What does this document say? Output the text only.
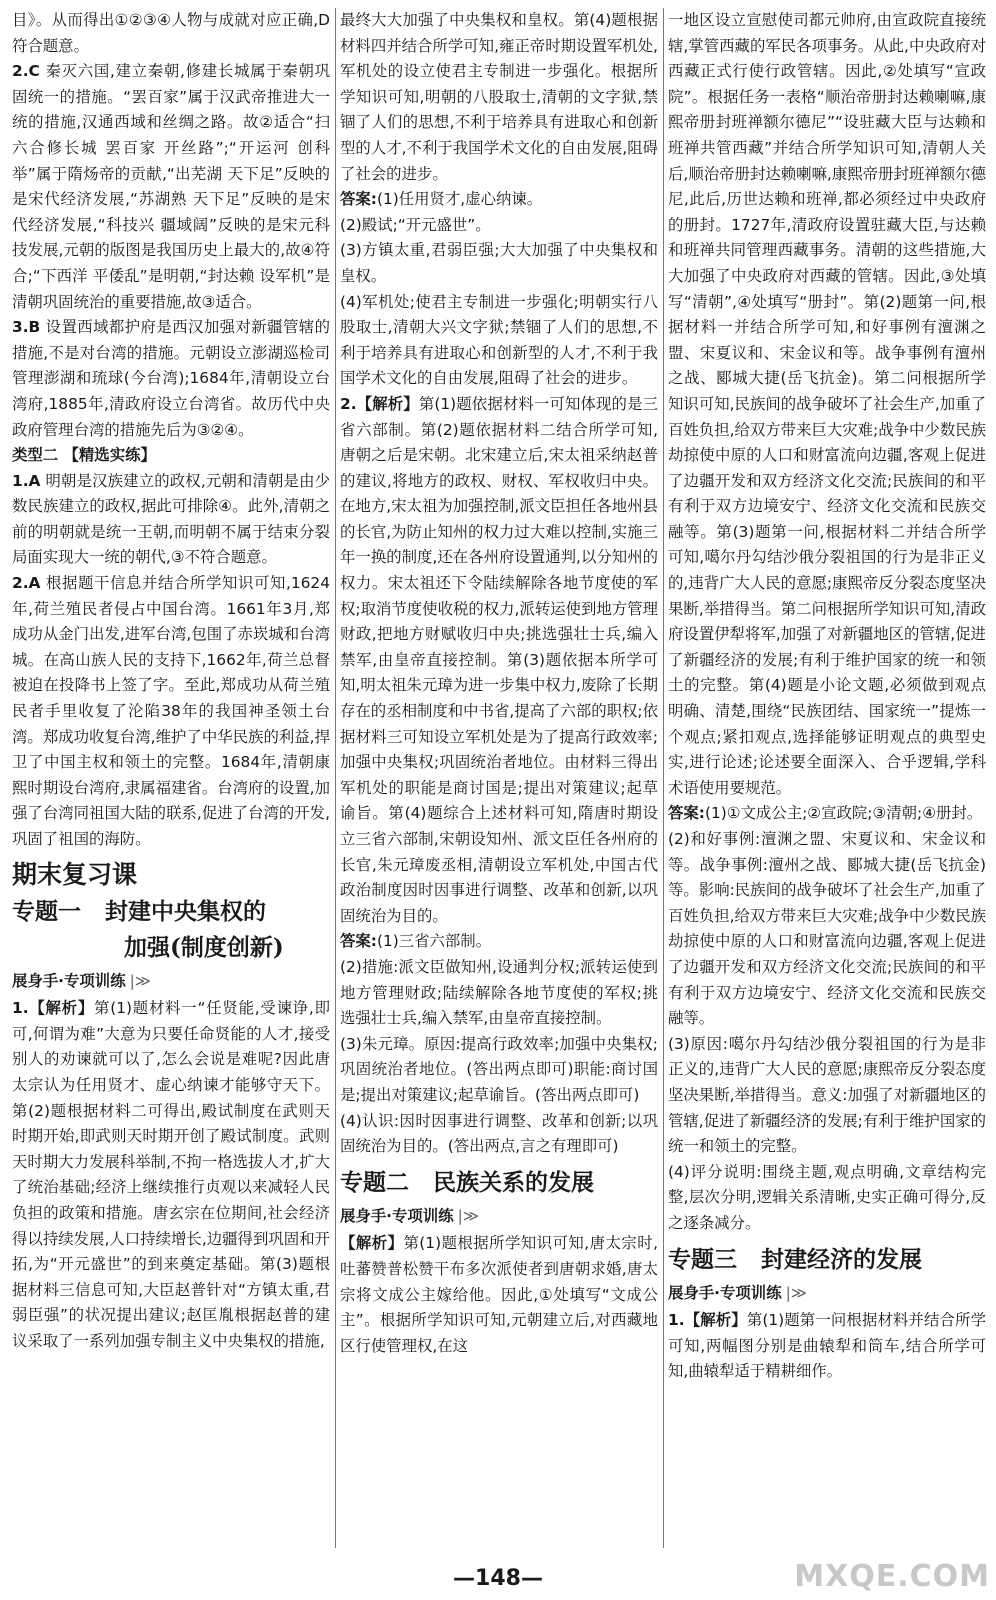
目》。从而得出①②③④人物与成就对应正确,D符合题意。

2.C 秦灭六国,建立秦朝,修建长城属于秦朝巩固统一的措施。“罢百家”属于汉武帝推进大一统的措施,汉通西域和丝绸之路。故②适合“扫六合修长城 罢百家 开丝路”;“开运河 创科举”属于隋炀帝的贡献,“出芜湖 天下足”反映的是宋代经济发展,“苏湖熟 天下足”反映的是宋代经济发展,“科技兴 疆域阔”反映的是宋元科技发展,元朝的版图是我国历史上最大的,故④符合;“下西洋 平倭乱”是明朝,“封达赖 设军机”是清朝巩固统治的重要措施,故③适合。

3.B 设置西域都护府是西汉加强对新疆管辖的措施,不是对台湾的措施。元朝设立澎湖巡检司管理澎湖和琉球(今台湾);1684年,清朝设立台湾府,1885年,清政府设立台湾省。故历代中央政府管理台湾的措施先后为③②④。

类型二 【精选实练】

1.A 明朝是汉族建立的政权,元朝和清朝是由少数民族建立的政权,据此可排除④。此外,清朝之前的明朝就是统一王朝,而明朝不属于结束分裂局面实现大一统的朝代,③不符合题意。

2.A 根据题干信息并结合所学知识可知,1624年,荷兰殖民者侵占中国台湾。1661年3月,郑成功从金门出发,进军台湾,包围了赤崁城和台湾城。在高山族人民的支持下,1662年,荷兰总督被迫在投降书上签了字。至此,郑成功从荷兰殖民者手里收复了沦陷38年的我国神圣领土台湾。郑成功收复台湾,维护了中华民族的利益,捍卫了中国主权和领土的完整。1684年,清朝康熙时期设台湾府,隶属福建省。台湾府的设置,加强了台湾同祖国大陆的联系,促进了台湾的开发,巩固了祖国的海防。

期末复习课
专题一 封建中央集权的
加强(制度创新)
展身手·专项训练 |≫

1.【解析】第(1)题材料一“任贤能,受谏诤,即可,何谓为难”大意为只要任命贤能的人才,接受别人的劝谏就可以了,怎么会说是难呢?因此唐太宗认为任用贤才、虚心纳谏才能够守天下。第(2)题根据材料二可得出,殿试制度在武则天时期开始,即武则天时期开创了殿试制度。武则天时期大力发展科举制,不拘一格选拔人才,扩大了统治基础;经济上继续推行贞观以来减轻人民负担的政策和措施。唐玄宗在位期间,社会经济得以持续发展,人口持续增长,边疆得到巩固和开拓,为“开元盛世”的到来奠定基础。第(3)题根据材料三信息可知,大臣赵普针对“方镇太重,君弱臣强”的状况提出建议;赵匡胤根据赵普的建议采取了一系列加强专制主义中央集权的措施,

最终大大加强了中央集权和皇权。第(4)题根据材料四并结合所学可知,雍正帝时期设置军机处,军机处的设立使君主专制进一步强化。根据所学知识可知,明朝的八股取士,清朝的文字狱,禁锢了人们的思想,不利于培养具有进取心和创新型的人才,不利于我国学术文化的自由发展,阻碍了社会的进步。

答案:(1)任用贤才,虚心纳谏。

(2)殿试;“开元盛世”。

(3)方镇太重,君弱臣强;大大加强了中央集权和皇权。

(4)军机处;使君主专制进一步强化;明朝实行八股取士,清朝大兴文字狱;禁锢了人们的思想,不利于培养具有进取心和创新型的人才,不利于我国学术文化的自由发展,阻碍了社会的进步。

2.【解析】第(1)题依据材料一可知体现的是三省六部制。第(2)题依据材料二结合所学可知,唐朝之后是宋朝。北宋建立后,宋太祖采纳赵普的建议,将地方的政权、财权、军权收归中央。在地方,宋太祖为加强控制,派文臣担任各地州县的长官,为防止知州的权力过大难以控制,实施三年一换的制度,还在各州府设置通判,以分知州的权力。宋太祖还下令陆续解除各地节度使的军权;取消节度使收税的权力,派转运使到地方管理财政,把地方财赋收归中央;挑选强壮士兵,编入禁军,由皇帝直接控制。第(3)题依据本所学可知,明太祖朱元璋为进一步集中权力,废除了长期存在的丞相制度和中书省,提高了六部的职权;依据材料三可知设立军机处是为了提高行政效率;加强中央集权;巩固统治者地位。由材料三得出军机处的职能是商讨国是;提出对策建议;起草谕旨。第(4)题综合上述材料可知,隋唐时期设立三省六部制,宋朝设知州、派文臣任各州府的长官,朱元璋废丞相,清朝设立军机处,中国古代政治制度因时因事进行调整、改革和创新,以巩固统治为目的。

答案:(1)三省六部制。

(2)措施:派文臣做知州,设通判分权;派转运使到地方管理财政;陆续解除各地节度使的军权;挑选强壮士兵,编入禁军,由皇帝直接控制。

(3)朱元璋。原因:提高行政效率;加强中央集权;巩固统治者地位。(答出两点即可)职能:商讨国是;提出对策建议;起草谕旨。(答出两点即可)

(4)认识:因时因事进行调整、改革和创新;以巩固统治为目的。(答出两点,言之有理即可)

专题二 民族关系的发展
展身手·专项训练 |≫

【解析】第(1)题根据所学知识可知,唐太宗时,吐蕃赞普松赞干布多次派使者到唐朝求婚,唐太宗将文成公主嫁给他。因此,①处填写“文成公主”。根据所学知识可知,元朝建立后,对西藏地区行使管理权,在这

一地区设立宣慰使司都元帅府,由宣政院直接统辖,掌管西藏的军民各项事务。从此,中央政府对西藏正式行使行政管辖。因此,②处填写“宣政院”。根据任务一表格“顺治帝册封达赖喇嘛,康熙帝册封班禅额尔德尼”“设驻藏大臣与达赖和班禅共管西藏”并结合所学知识可知,清朝人关后,顺治帝册封达赖喇嘛,康熙帝册封班禅额尔德尼,此后,历世达赖和班禅,都必须经过中央政府的册封。1727年,清政府设置驻藏大臣,与达赖和班禅共同管理西藏事务。清朝的这些措施,大大加强了中央政府对西藏的管辖。因此,③处填写“清朝”,④处填写“册封”。第(2)题第一问,根据材料一并结合所学可知,和好事例有澶渊之盟、宋夏议和、宋金议和等。战争事例有澶州之战、郾城大捷(岳飞抗金)。第二问根据所学知识可知,民族间的战争破坏了社会生产,加重了百姓负担,给双方带来巨大灾难;战争中少数民族劫掠使中原的人口和财富流向边疆,客观上促进了边疆开发和双方经济文化交流;民族间的和平有利于双方边境安宁、经济文化交流和民族交融等。第(3)题第一问,根据材料二并结合所学可知,噶尔丹勾结沙俄分裂祖国的行为是非正义的,违背广大人民的意愿;康熙帝反分裂态度坚决果断,举措得当。第二问根据所学知识可知,清政府设置伊犁将军,加强了对新疆地区的管辖,促进了新疆经济的发展;有利于维护国家的统一和领土的完整。第(4)题是小论文题,必须做到观点明确、清楚,围绕“民族团结、国家统一”提炼一个观点;紧扣观点,选择能够证明观点的典型史实,进行论述;论述要全面深入、合乎逻辑,学科术语使用要规范。

答案:(1)①文成公主;②宣政院;③清朝;④册封。

(2)和好事例:澶渊之盟、宋夏议和、宋金议和等。战争事例:澶州之战、郾城大捷(岳飞抗金)等。影响:民族间的战争破坏了社会生产,加重了百姓负担,给双方带来巨大灾难;战争中少数民族劫掠使中原的人口和财富流向边疆,客观上促进了边疆开发和双方经济文化交流;民族间的和平有利于双方边境安宁、经济文化交流和民族交融等。

(3)原因:噶尔丹勾结沙俄分裂祖国的行为是非正义的,违背广大人民的意愿;康熙帝反分裂态度坚决果断,举措得当。意义:加强了对新疆地区的管辖,促进了新疆经济的发展;有利于维护国家的统一和领土的完整。

(4)评分说明:围绕主题,观点明确,文章结构完整,层次分明,逻辑关系清晰,史实正确可得分,反之逐条减分。

专题三 封建经济的发展
展身手·专项训练 |≫

1.【解析】第(1)题第一问根据材料并结合所学可知,两幅图分别是曲辕犁和筒车,结合所学可知,曲辕犁适于精耕细作。

—148—	MXQE.COM
